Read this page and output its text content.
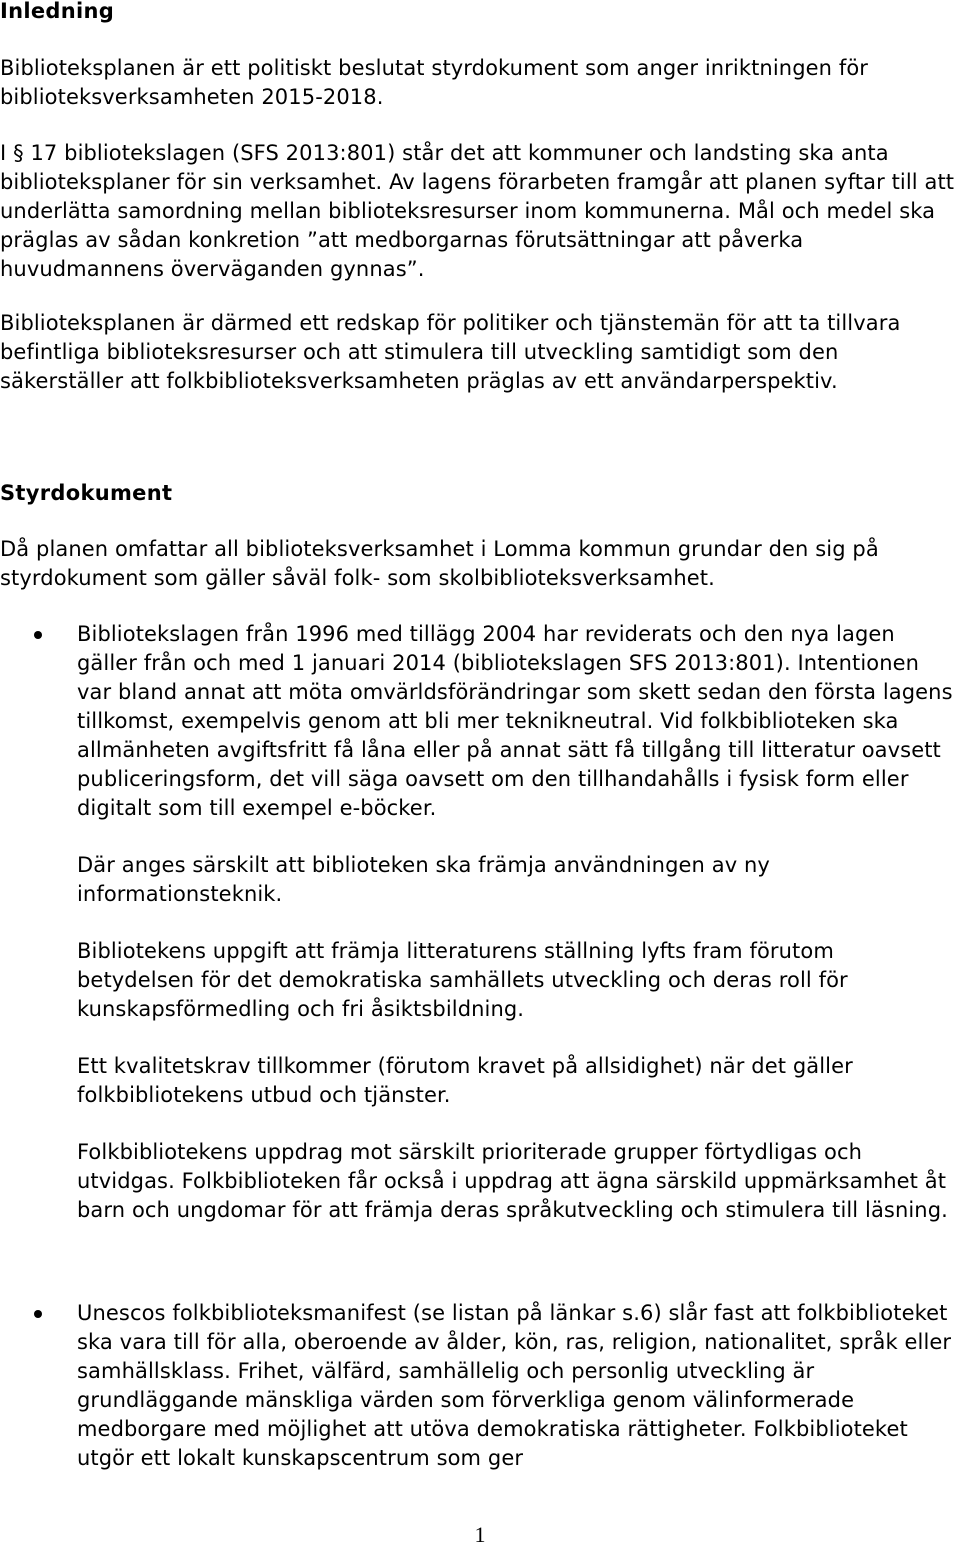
Inledning

Biblioteksplanen är ett politiskt beslutat styrdokument som anger inriktningen för biblioteksverksamheten 2015-2018.

I § 17 bibliotekslagen (SFS 2013:801) står det att kommuner och landsting ska anta biblioteksplaner för sin verksamhet. Av lagens förarbeten framgår att planen syftar till att underlätta samordning mellan biblioteksresurser inom kommunerna. Mål och medel ska präglas av sådan konkretion ”att medborgarnas förutsättningar att påverka huvudmannens överväganden gynnas”.

Biblioteksplanen är därmed ett redskap för politiker och tjänstemän för att ta tillvara befintliga biblioteksresurser och att stimulera till utveckling samtidigt som den säkerställer att folkbiblioteksverksamheten präglas av ett användarperspektiv.

Styrdokument

Då planen omfattar all biblioteksverksamhet i Lomma kommun grundar den sig på styrdokument som gäller såväl folk- som skolbiblioteksverksamhet.

Bibliotekslagen från 1996 med tillägg 2004 har reviderats och den nya lagen gäller från och med 1 januari 2014 (bibliotekslagen SFS 2013:801). Intentionen var bland annat att möta omvärldsförändringar som skett sedan den första lagens tillkomst, exempelvis genom att bli mer teknikneutral. Vid folkbiblioteken ska allmänheten avgiftsfritt få låna eller på annat sätt få tillgång till litteratur oavsett publiceringsform, det vill säga oavsett om den tillhandahålls i fysisk form eller digitalt som till exempel e-böcker.

Där anges särskilt att biblioteken ska främja användningen av ny informationsteknik.

Bibliotekens uppgift att främja litteraturens ställning lyfts fram förutom betydelsen för det demokratiska samhällets utveckling och deras roll för kunskapsförmedling och fri åsiktsbildning.

Ett kvalitetskrav tillkommer (förutom kravet på allsidighet) när det gäller folkbibliotekens utbud och tjänster.

Folkbibliotekens uppdrag mot särskilt prioriterade grupper förtydligas och utvidgas. Folkbiblioteken får också i uppdrag att ägna särskild uppmärksamhet åt barn och ungdomar för att främja deras språkutveckling och stimulera till läsning.

Unescos folkbiblioteksmanifest (se listan på länkar s.6) slår fast att folkbiblioteket ska vara till för alla, oberoende av ålder, kön, ras, religion, nationalitet, språk eller samhällsklass. Frihet, välfärd, samhällelig och personlig utveckling är grundläggande mänskliga värden som förverkliga genom välinformerade medborgare med möjlighet att utöva demokratiska rättigheter. Folkbiblioteket utgör ett lokalt kunskapscentrum som ger

1
